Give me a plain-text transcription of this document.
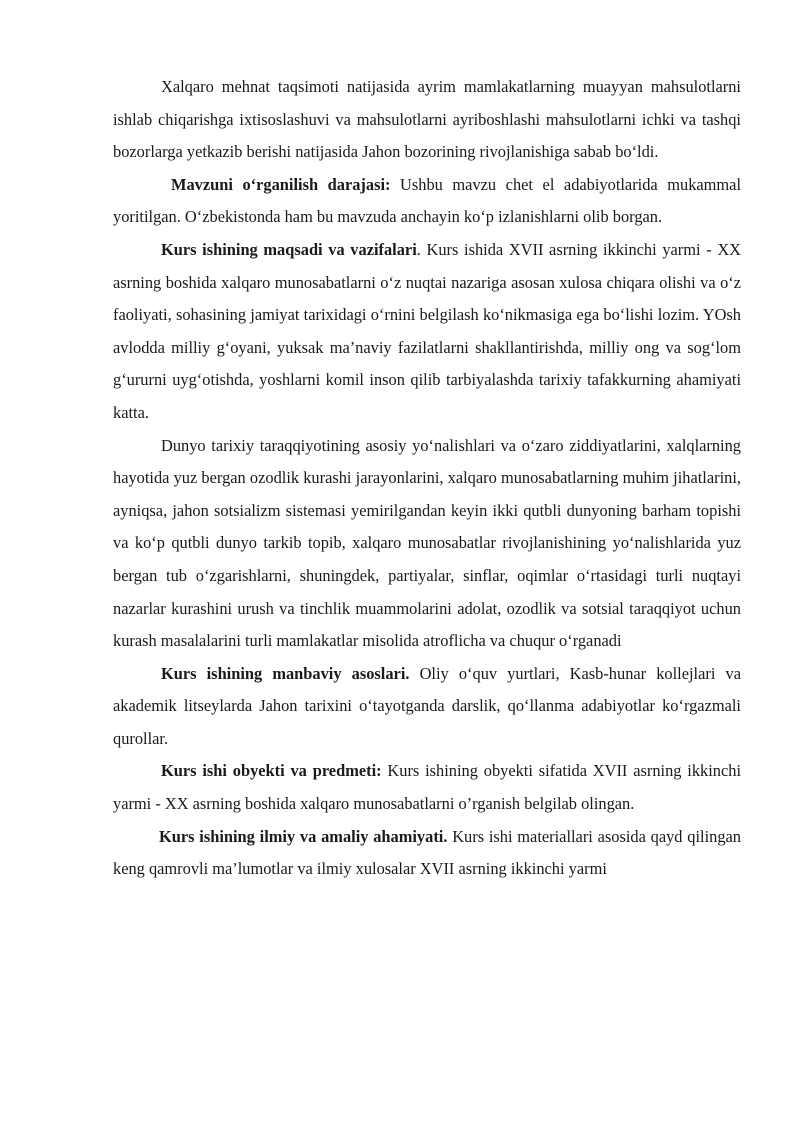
Xalqaro mehnat taqsimoti natijasida ayrim mamlakatlarning muayyan mahsulotlarni ishlab chiqarishga ixtisoslashuvi va mahsulotlarni ayriboshlashi mahsulotlarni ichki va tashqi bozorlarga yetkazib berishi natijasida Jahon bozorining rivojlanishiga sabab bo‘ldi.

Mavzuni o‘rganilish darajasi: Ushbu mavzu chet el adabiyotlarida mukammal yoritilgan. O‘zbekistonda ham bu mavzuda anchayin ko‘p izlanishlarni olib borgan.

Kurs ishining maqsadi va vazifalari. Kurs ishida XVII asrning ikkinchi yarmi - XX asrning boshida xalqaro munosabatlarni o‘z nuqtai nazariga asosan xulosa chiqara olishi va o‘z faoliyati, sohasining jamiyat tarixidagi o‘rnini belgilash ko‘nikmasiga ega bo‘lishi lozim. YOsh avlodda milliy g‘oyani, yuksak ma’naviy fazilatlarni shakllantirishda, milliy ong va sog‘lom g‘ururni uyg‘otishda, yoshlarni komil inson qilib tarbiyalashda tarixiy tafakkurning ahamiyati katta.

Dunyo tarixiy taraqqiyotining asosiy yo‘nalishlari va o‘zaro ziddiyatlarini, xalqlarning hayotida yuz bergan ozodlik kurashi jarayonlarini, xalqaro munosabatlarning muhim jihatlarini, ayniqsa, jahon sotsializm sistemasi yemirilgandan keyin ikki qutbli dunyoning barham topishi va ko‘p qutbli dunyo tarkib topib, xalqaro munosabatlar rivojlanishining yo‘nalishlarida yuz bergan tub o‘zgarishlarni, shuningdek, partiyalar, sinflar, oqimlar o‘rtasidagi turli nuqtayi nazarlar kurashini urush va tinchlik muammolarini adolat, ozodlik va sotsial taraqqiyot uchun kurash masalalarini turli mamlakatlar misolida atroflicha va chuqur o‘rganadi

Kurs ishining manbaviy asoslari. Oliy o‘quv yurtlari, Kasb-hunar kollejlari va akademik litseylarda Jahon tarixini o‘tayotganda darslik, qo‘llanma adabiyotlar ko‘rgazmali qurollar.

Kurs ishi obyekti va predmeti: Kurs ishining obyekti sifatida XVII asrning ikkinchi yarmi - XX asrning boshida xalqaro munosabatlarni o’rganish belgilab olingan.

Kurs ishining ilmiy va amaliy ahamiyati. Kurs ishi materiallari asosida qayd qilingan keng qamrovli ma’lumotlar va ilmiy xulosalar XVII asrning ikkinchi yarmi
